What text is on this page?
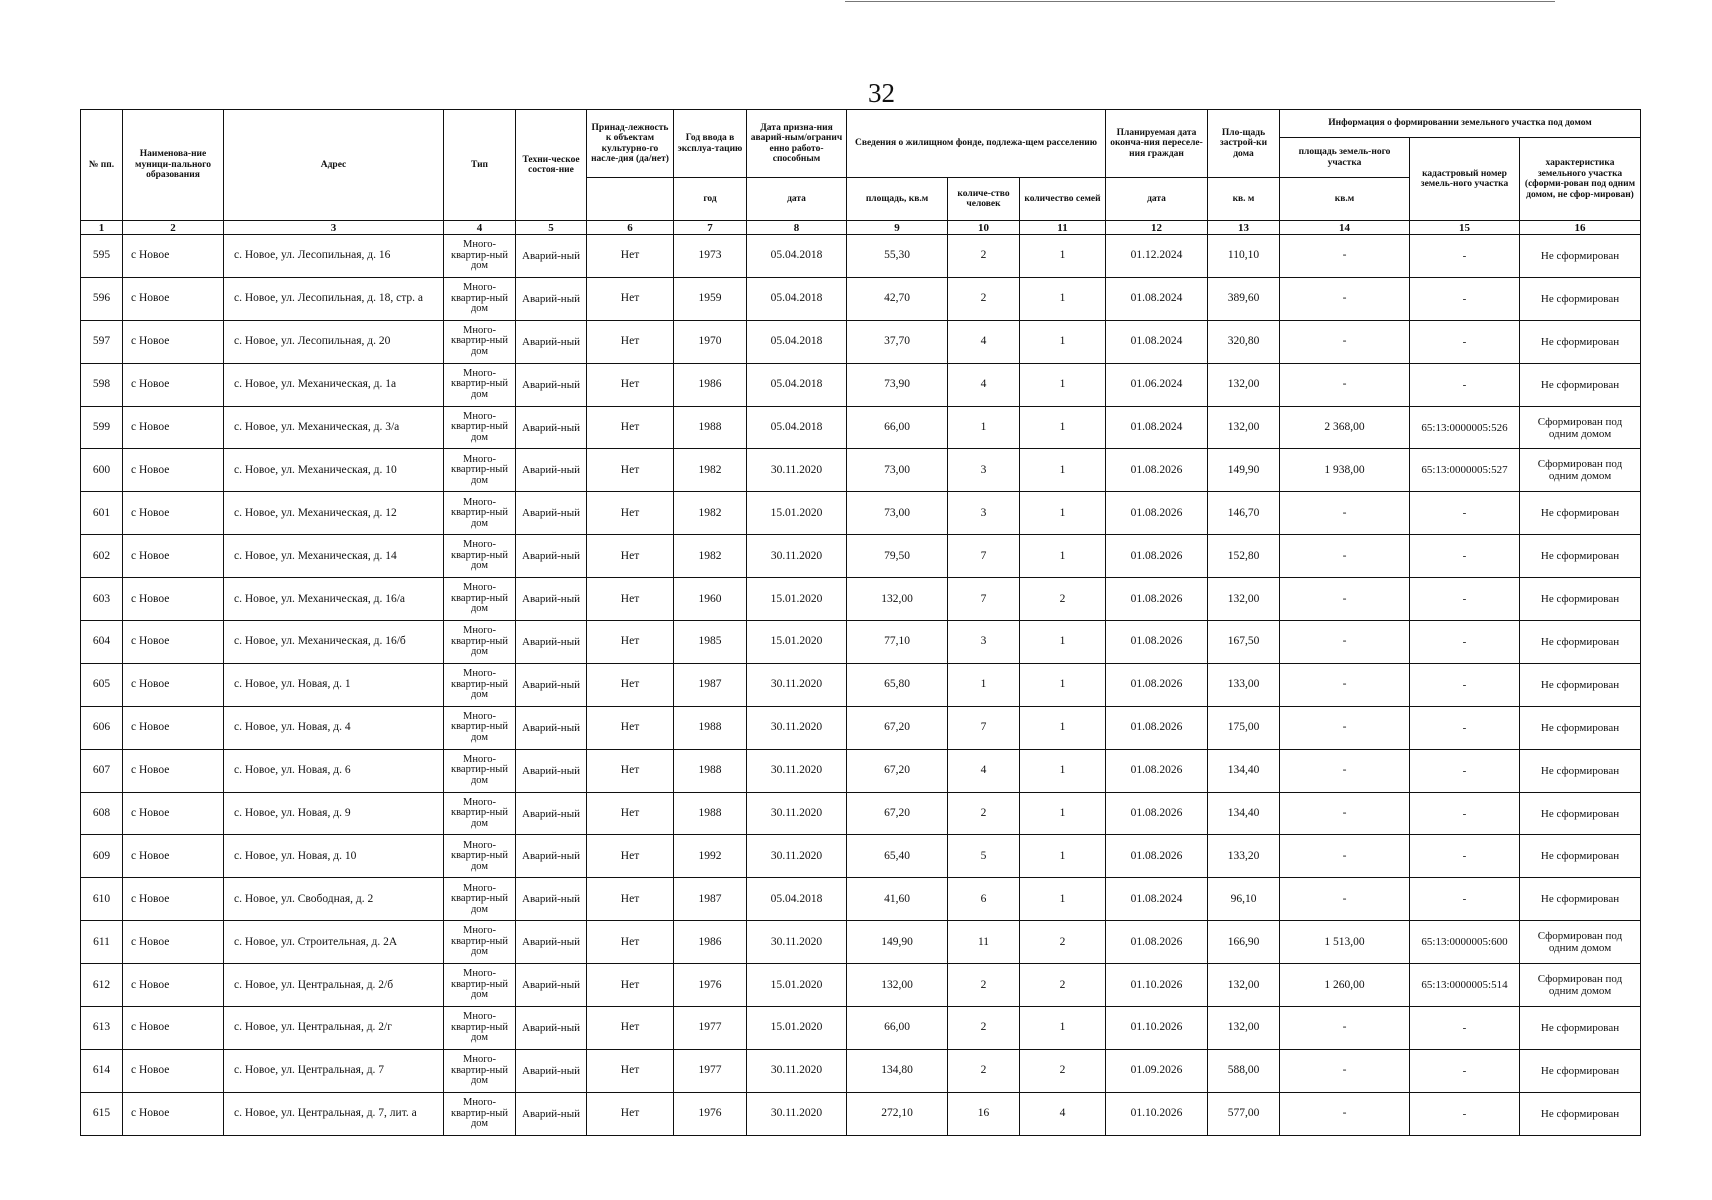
32
№ пп.	Наименова-ние муници-пального образования	Адрес	Тип	Техни-ческое состоя-ние	Принад-лежность к объектам культурно-го насле-дия (да/нет)	Год ввода в эксплуа-тацию	Дата призна-ния аварий-ным/огранич енно работо-способным	Сведения о жилищном фонде, подлежа-щем расселению			Планируемая дата оконча-ния переселе-ния граждан	Пло-щадь застрой-ки дома	Информация о формировании земельного участка под домом		
													площадь земель-ного участка	кадастровый номер земель-ного участка	характеристика земельного участка (сформи-рован под одним домом, не сфор-мирован)
						год	дата	площадь, кв.м	количе-ство человек	количество семей	дата	кв. м	кв.м		
1	2	3	4	5	6	7	8	9	10	11	12	13	14	15	16
595	с Новое	с. Новое, ул. Лесопильная, д. 16	Много-квартир-ный дом	Аварий-ный	Нет	1973	05.04.2018	55,30	2	1	01.12.2024	110,10	-	-	Не сформирован
596	с Новое	с. Новое, ул. Лесопильная, д. 18, стр. а	Много-квартир-ный дом	Аварий-ный	Нет	1959	05.04.2018	42,70	2	1	01.08.2024	389,60	-	-	Не сформирован
597	с Новое	с. Новое, ул. Лесопильная, д. 20	Много-квартир-ный дом	Аварий-ный	Нет	1970	05.04.2018	37,70	4	1	01.08.2024	320,80	-	-	Не сформирован
598	с Новое	с. Новое, ул. Механическая, д. 1а	Много-квартир-ный дом	Аварий-ный	Нет	1986	05.04.2018	73,90	4	1	01.06.2024	132,00	-	-	Не сформирован
599	с Новое	с. Новое, ул. Механическая, д. 3/а	Много-квартир-ный дом	Аварий-ный	Нет	1988	05.04.2018	66,00	1	1	01.08.2024	132,00	2 368,00	65:13:0000005:526	Сформирован под одним домом
600	с Новое	с. Новое, ул. Механическая, д. 10	Много-квартир-ный дом	Аварий-ный	Нет	1982	30.11.2020	73,00	3	1	01.08.2026	149,90	1 938,00	65:13:0000005:527	Сформирован под одним домом
601	с Новое	с. Новое, ул. Механическая, д. 12	Много-квартир-ный дом	Аварий-ный	Нет	1982	15.01.2020	73,00	3	1	01.08.2026	146,70	-	-	Не сформирован
602	с Новое	с. Новое, ул. Механическая, д. 14	Много-квартир-ный дом	Аварий-ный	Нет	1982	30.11.2020	79,50	7	1	01.08.2026	152,80	-	-	Не сформирован
603	с Новое	с. Новое, ул. Механическая, д. 16/а	Много-квартир-ный дом	Аварий-ный	Нет	1960	15.01.2020	132,00	7	2	01.08.2026	132,00	-	-	Не сформирован
604	с Новое	с. Новое, ул. Механическая, д. 16/б	Много-квартир-ный дом	Аварий-ный	Нет	1985	15.01.2020	77,10	3	1	01.08.2026	167,50	-	-	Не сформирован
605	с Новое	с. Новое, ул. Новая, д. 1	Много-квартир-ный дом	Аварий-ный	Нет	1987	30.11.2020	65,80	1	1	01.08.2026	133,00	-	-	Не сформирован
606	с Новое	с. Новое, ул. Новая, д. 4	Много-квартир-ный дом	Аварий-ный	Нет	1988	30.11.2020	67,20	7	1	01.08.2026	175,00	-	-	Не сформирован
607	с Новое	с. Новое, ул. Новая, д. 6	Много-квартир-ный дом	Аварий-ный	Нет	1988	30.11.2020	67,20	4	1	01.08.2026	134,40	-	-	Не сформирован
608	с Новое	с. Новое, ул. Новая, д. 9	Много-квартир-ный дом	Аварий-ный	Нет	1988	30.11.2020	67,20	2	1	01.08.2026	134,40	-	-	Не сформирован
609	с Новое	с. Новое, ул. Новая, д. 10	Много-квартир-ный дом	Аварий-ный	Нет	1992	30.11.2020	65,40	5	1	01.08.2026	133,20	-	-	Не сформирован
610	с Новое	с. Новое, ул. Свободная, д. 2	Много-квартир-ный дом	Аварий-ный	Нет	1987	05.04.2018	41,60	6	1	01.08.2024	96,10	-	-	Не сформирован
611	с Новое	с. Новое, ул. Строительная, д. 2А	Много-квартир-ный дом	Аварий-ный	Нет	1986	30.11.2020	149,90	11	2	01.08.2026	166,90	1 513,00	65:13:0000005:600	Сформирован под одним домом
612	с Новое	с. Новое, ул. Центральная, д. 2/б	Много-квартир-ный дом	Аварий-ный	Нет	1976	15.01.2020	132,00	2	2	01.10.2026	132,00	1 260,00	65:13:0000005:514	Сформирован под одним домом
613	с Новое	с. Новое, ул. Центральная, д. 2/г	Много-квартир-ный дом	Аварий-ный	Нет	1977	15.01.2020	66,00	2	1	01.10.2026	132,00	-	-	Не сформирован
614	с Новое	с. Новое, ул. Центральная, д. 7	Много-квартир-ный дом	Аварий-ный	Нет	1977	30.11.2020	134,80	2	2	01.09.2026	588,00	-	-	Не сформирован
615	с Новое	с. Новое, ул. Центральная, д. 7, лит. а	Много-квартир-ный дом	Аварий-ный	Нет	1976	30.11.2020	272,10	16	4	01.10.2026	577,00	-	-	Не сформирован
